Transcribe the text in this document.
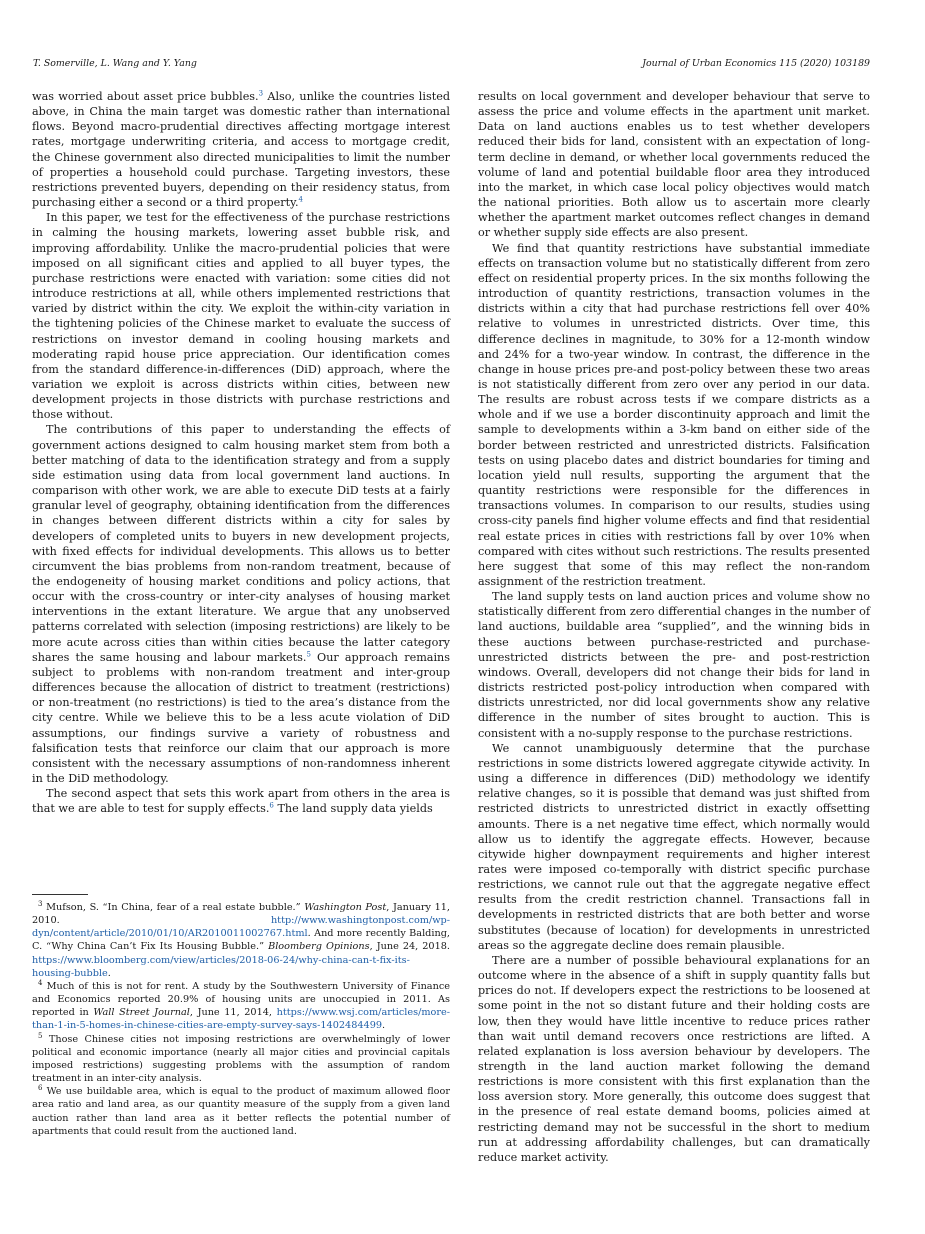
T. Somerville, L. Wang and Y. Yang	Journal of Urban Economics 115 (2020) 103189

was worried about asset price bubbles.$^3$ Also, unlike the countries listed above, in China the main target was domestic rather than international flows. Beyond macro-prudential directives affecting mortgage interest rates, mortgage underwriting criteria, and access to mortgage credit, the Chinese government also directed municipalities to limit the number of properties a household could purchase. Targeting investors, these restrictions prevented buyers, depending on their residency status, from purchasing either a second or a third property.$^4$

In this paper, we test for the effectiveness of the purchase restrictions in calming the housing markets, lowering asset bubble risk, and improving affordability. Unlike the macro-prudential policies that were imposed on all significant cities and applied to all buyer types, the purchase restrictions were enacted with variation: some cities did not introduce restrictions at all, while others implemented restrictions that varied by district within the city. We exploit the within-city variation in the tightening policies of the Chinese market to evaluate the success of restrictions on investor demand in cooling housing markets and moderating rapid house price appreciation. Our identification comes from the standard difference-in-differences (DiD) approach, where the variation we exploit is across districts within cities, between new development projects in those districts with purchase restrictions and those without.

The contributions of this paper to understanding the effects of government actions designed to calm housing market stem from both a better matching of data to the identification strategy and from a supply side estimation using data from local government land auctions. In comparison with other work, we are able to execute DiD tests at a fairly granular level of geography, obtaining identification from the differences in changes between different districts within a city for sales by developers of completed units to buyers in new development projects, with fixed effects for individual developments. This allows us to better circumvent the bias problems from non-random treatment, because of the endogeneity of housing market conditions and policy actions, that occur with the cross-country or inter-city analyses of housing market interventions in the extant literature. We argue that any unobserved patterns correlated with selection (imposing restrictions) are likely to be more acute across cities than within cities because the latter category shares the same housing and labour markets.$^5$ Our approach remains subject to problems with non-random treatment and inter-group differences because the allocation of district to treatment (restrictions) or non-treatment (no restrictions) is tied to the area’s distance from the city centre. While we believe this to be a less acute violation of DiD assumptions, our findings survive a variety of robustness and falsification tests that reinforce our claim that our approach is more consistent with the necessary assumptions of non-randomness inherent in the DiD methodology.

The second aspect that sets this work apart from others in the area is that we are able to test for supply effects.$^6$ The land supply data yields

$^3$ Mufson, S. “In China, fear of a real estate bubble.” Washington Post, January 11, 2010. http://www.washingtonpost.com/wp-dyn/content/article/2010/01/10/AR2010011002767.html. And more recently Balding, C. “Why China Can’t Fix Its Housing Bubble.” Bloomberg Opinions, June 24, 2018. https://www.bloomberg.com/view/articles/2018-06-24/why-china-can-t-fix-its-housing-bubble.

$^4$ Much of this is not for rent. A study by the Southwestern University of Finance and Economics reported 20.9% of housing units are unoccupied in 2011. As reported in Wall Street Journal, June 11, 2014, https://www.wsj.com/articles/more-than-1-in-5-homes-in-chinese-cities-are-empty-survey-says-1402484499.

$^5$ Those Chinese cities not imposing restrictions are overwhelmingly of lower political and economic importance (nearly all major cities and provincial capitals imposed restrictions) suggesting problems with the assumption of random treatment in an inter-city analysis.

$^6$ We use buildable area, which is equal to the product of maximum allowed floor area ratio and land area, as our quantity measure of the supply from a given land auction rather than land area as it better reflects the potential number of apartments that could result from the auctioned land.

results on local government and developer behaviour that serve to assess the price and volume effects in the apartment unit market. Data on land auctions enables us to test whether developers reduced their bids for land, consistent with an expectation of long-term decline in demand, or whether local governments reduced the volume of land and potential buildable floor area they introduced into the market, in which case local policy objectives would match the national priorities. Both allow us to ascertain more clearly whether the apartment market outcomes reflect changes in demand or whether supply side effects are also present.

We find that quantity restrictions have substantial immediate effects on transaction volume but no statistically different from zero effect on residential property prices. In the six months following the introduction of quantity restrictions, transaction volumes in the districts within a city that had purchase restrictions fell over 40% relative to volumes in unrestricted districts. Over time, this difference declines in magnitude, to 30% for a 12-month window and 24% for a two-year window. In contrast, the difference in the change in house prices pre-and post-policy between these two areas is not statistically different from zero over any period in our data. The results are robust across tests if we compare districts as a whole and if we use a border discontinuity approach and limit the sample to developments within a 3-km band on either side of the border between restricted and unrestricted districts. Falsification tests on using placebo dates and district boundaries for timing and location yield null results, supporting the argument that the quantity restrictions were responsible for the differences in transactions volumes. In comparison to our results, studies using cross-city panels find higher volume effects and find that residential real estate prices in cities with restrictions fall by over 10% when compared with cites without such restrictions. The results presented here suggest that some of this may reflect the non-random assignment of the restriction treatment.

The land supply tests on land auction prices and volume show no statistically different from zero differential changes in the number of land auctions, buildable area “supplied”, and the winning bids in these auctions between purchase-restricted and purchase-unrestricted districts between the pre- and post-restriction windows. Overall, developers did not change their bids for land in districts restricted post-policy introduction when compared with districts unrestricted, nor did local governments show any relative difference in the number of sites brought to auction. This is consistent with a no-supply response to the purchase restrictions.

We cannot unambiguously determine that the purchase restrictions in some districts lowered aggregate citywide activity. In using a difference in differences (DiD) methodology we identify relative changes, so it is possible that demand was just shifted from restricted districts to unrestricted district in exactly offsetting amounts. There is a net negative time effect, which normally would allow us to identify the aggregate effects. However, because citywide higher downpayment requirements and higher interest rates were imposed co-temporally with district specific purchase restrictions, we cannot rule out that the aggregate negative effect results from the credit restriction channel. Transactions fall in developments in restricted districts that are both better and worse substitutes (because of location) for developments in unrestricted areas so the aggregate decline does remain plausible.

There are a number of possible behavioural explanations for an outcome where in the absence of a shift in supply quantity falls but prices do not. If developers expect the restrictions to be loosened at some point in the not so distant future and their holding costs are low, then they would have little incentive to reduce prices rather than wait until demand recovers once restrictions are lifted. A related explanation is loss aversion behaviour by developers. The strength in the land auction market following the demand restrictions is more consistent with this first explanation than the loss aversion story. More generally, this outcome does suggest that in the presence of real estate demand booms, policies aimed at restricting demand may not be successful in the short to medium run at addressing affordability challenges, but can dramatically reduce market activity.
